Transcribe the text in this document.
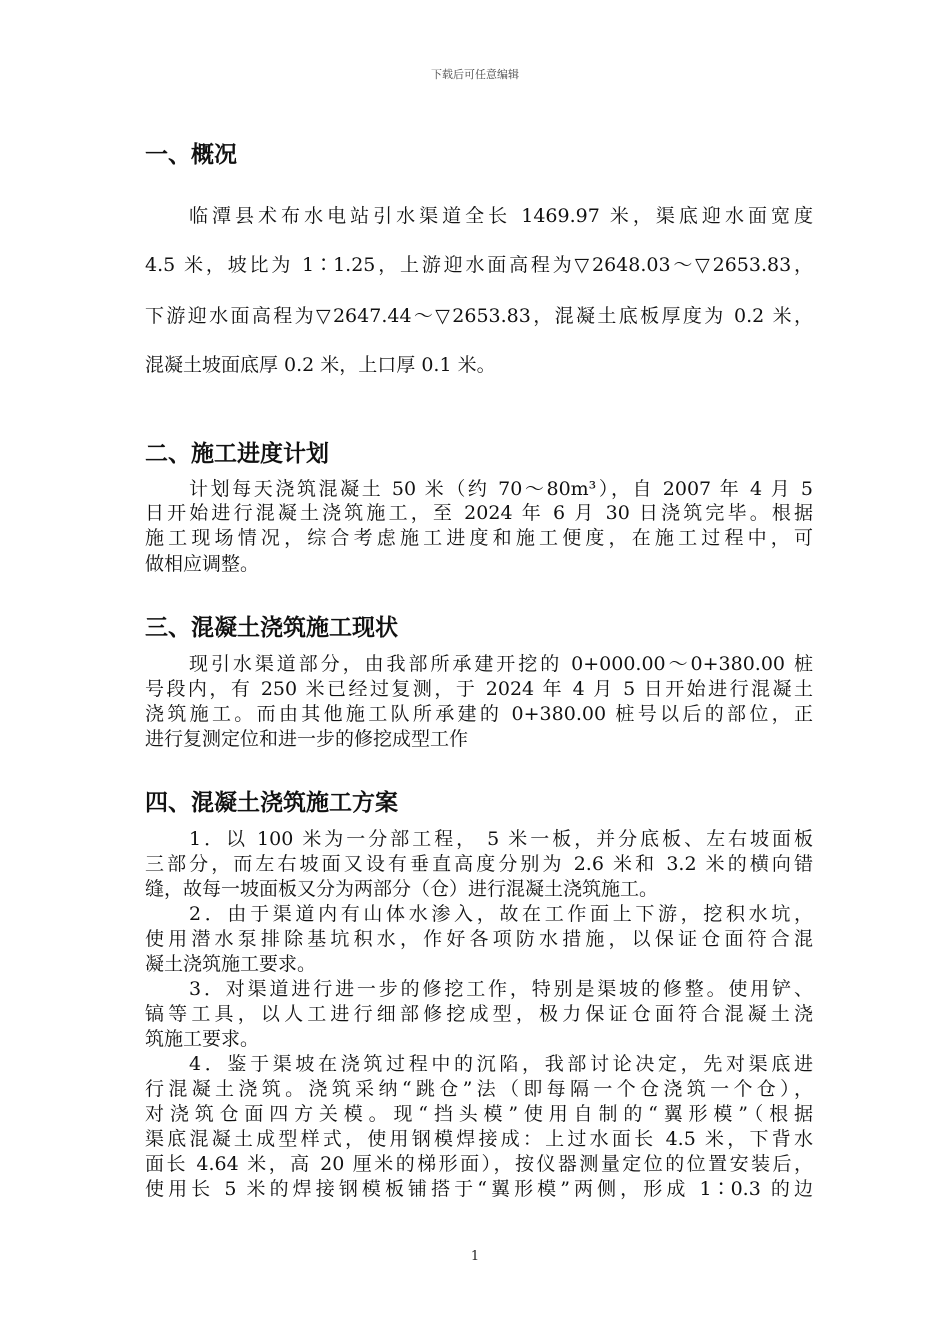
下载后可任意编辑
一、概况
临潭县术布水电站引水渠道全长 1469.97 米，渠底迎水面宽度
4.5 米，坡比为 1∶1.25，上游迎水面高程为▽2648.03～▽2653.83，
下游迎水面高程为▽2647.44～▽2653.83，混凝土底板厚度为 0.2 米，
混凝土坡面底厚 0.2 米，上口厚 0.1 米。
二、施工进度计划
计划每天浇筑混凝土 50 米（约 70～80m³），自 2007 年 4 月 5
日开始进行混凝土浇筑施工，至 2024 年 6 月 30 日浇筑完毕。根据
施工现场情况，综合考虑施工进度和施工便度，在施工过程中，可
做相应调整。
三、混凝土浇筑施工现状
现引水渠道部分，由我部所承建开挖的 0+000.00～0+380.00 桩
号段内，有 250 米已经过复测，于 2024 年 4 月 5 日开始进行混凝土
浇筑施工。而由其他施工队所承建的 0+380.00 桩号以后的部位，正
进行复测定位和进一步的修挖成型工作
四、混凝土浇筑施工方案
1．以 100 米为一分部工程， 5 米一板，并分底板、左右坡面板
三部分，而左右坡面又设有垂直高度分别为 2.6 米和 3.2 米的横向错
缝，故每一坡面板又分为两部分（仓）进行混凝土浇筑施工。
2．由于渠道内有山体水渗入，故在工作面上下游，挖积水坑，
使用潜水泵排除基坑积水，作好各项防水措施，以保证仓面符合混
凝土浇筑施工要求。
3．对渠道进行进一步的修挖工作，特别是渠坡的修整。使用铲、
镐等工具，以人工进行细部修挖成型，极力保证仓面符合混凝土浇
筑施工要求。
4．鉴于渠坡在浇筑过程中的沉陷，我部讨论决定，先对渠底进
行混凝土浇筑。浇筑采纳“跳仓”法（即每隔一个仓浇筑一个仓），
对浇筑仓面四方关模。现“挡头模”使用自制的“翼形模”（根据
渠底混凝土成型样式，使用钢模焊接成：上过水面长 4.5 米，下背水
面长 4.64 米，高 20 厘米的梯形面），按仪器测量定位的位置安装后，
使用长 5 米的焊接钢模板铺搭于“翼形模”两侧，形成 1∶0.3 的边
1
